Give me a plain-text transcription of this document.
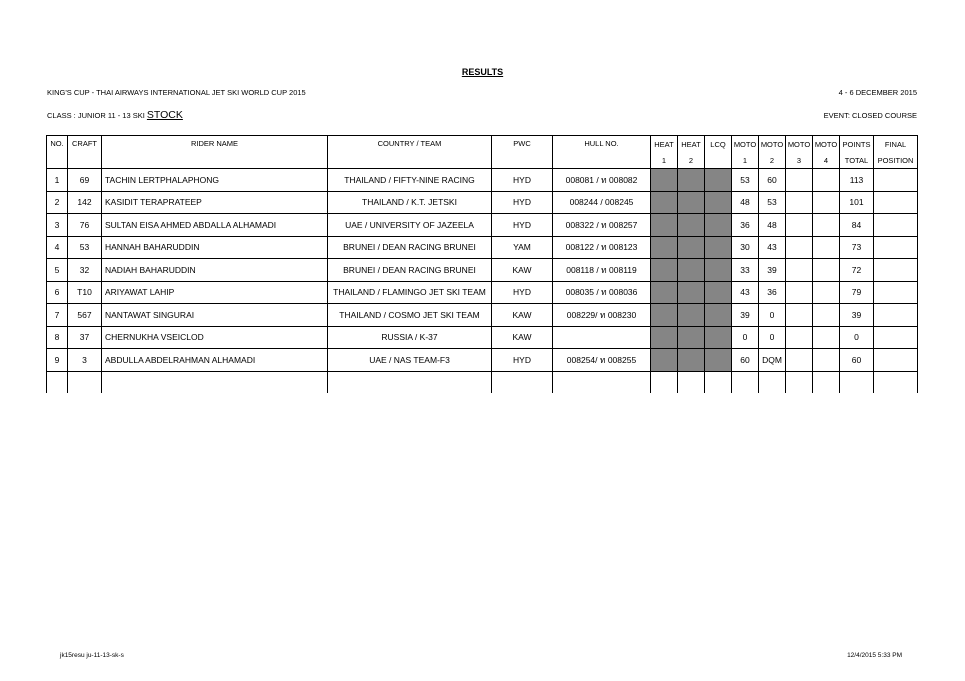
RESULTS
KING'S CUP - THAI AIRWAYS INTERNATIONAL JET SKI WORLD CUP 2015	4 - 6 DECEMBER 2015
CLASS : JUNIOR 11 - 13 SKI STOCK	EVENT: CLOSED COURSE
NO.	CRAFT	RIDER NAME	COUNTRY / TEAM	PWC	HULL NO.	HEAT	HEAT	LCQ	MOTO	MOTO	MOTO	MOTO	POINTS	FINAL
						1	2		1	2	3	4	TOTAL	POSITION
1	69	TACHIN LERTPHALAPHONG	THAILAND / FIFTY-NINE RACING	HYD	008081 / ท 008082				53	60			113	
2	142	KASIDIT TERAPRATEEP	THAILAND / K.T. JETSKI	HYD	008244 / 008245				48	53			101	
3	76	SULTAN EISA AHMED ABDALLA ALHAMADI	UAE / UNIVERSITY OF JAZEELA	HYD	008322 / ท 008257				36	48			84	
4	53	HANNAH BAHARUDDIN	BRUNEI / DEAN RACING BRUNEI	YAM	008122 / ท 008123				30	43			73	
5	32	NADIAH BAHARUDDIN	BRUNEI / DEAN RACING BRUNEI	KAW	008118 / ท 008119				33	39			72	
6	T10	ARIYAWAT LAHIP	THAILAND / FLAMINGO JET SKI TEAM	HYD	008035 / ท 008036				43	36			79	
7	567	NANTAWAT SINGURAI	THAILAND / COSMO JET SKI TEAM	KAW	008229/ ท 008230				39	0			39	
8	37	CHERNUKHA VSEICLOD	RUSSIA / K-37	KAW					0	0			0	
9	3	ABDULLA ABDELRAHMAN ALHAMADI	UAE / NAS TEAM-F3	HYD	008254/ ท 008255				60	DQM			60	

jk15resu ju-11-13-sk-s	12/4/2015 5:33 PM
